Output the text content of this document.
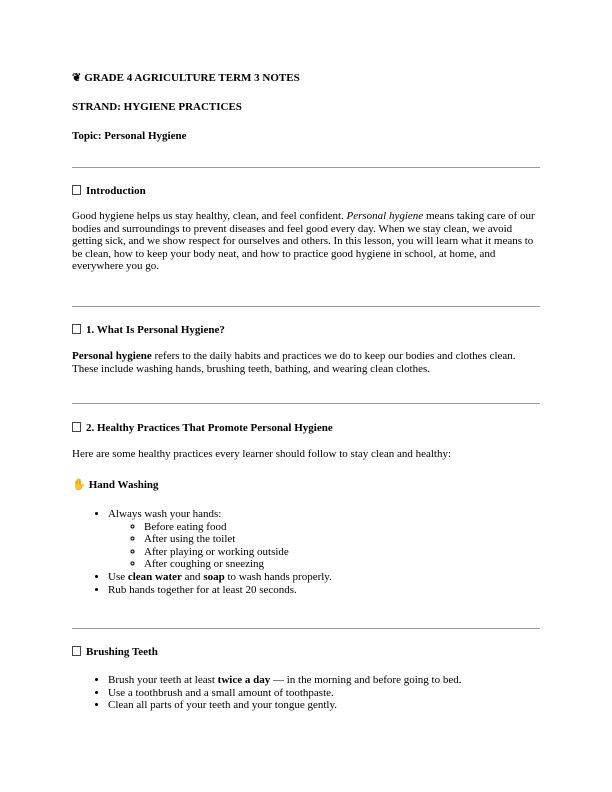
❦ GRADE 4 AGRICULTURE TERM 3 NOTES
STRAND: HYGIENE PRACTICES
Topic: Personal Hygiene
Introduction
Good hygiene helps us stay healthy, clean, and feel confident. Personal hygiene means taking care of our bodies and surroundings to prevent diseases and feel good every day. When we stay clean, we avoid getting sick, and we show respect for ourselves and others. In this lesson, you will learn what it means to be clean, how to keep your body neat, and how to practice good hygiene in school, at home, and everywhere you go.
1. What Is Personal Hygiene?
Personal hygiene refers to the daily habits and practices we do to keep our bodies and clothes clean. These include washing hands, brushing teeth, bathing, and wearing clean clothes.
2. Healthy Practices That Promote Personal Hygiene
Here are some healthy practices every learner should follow to stay clean and healthy:
✋ Hand Washing
• Always wash your hands:
◦ Before eating food
◦ After using the toilet
◦ After playing or working outside
◦ After coughing or sneezing
• Use clean water and soap to wash hands properly.
• Rub hands together for at least 20 seconds.
Brushing Teeth
• Brush your teeth at least twice a day — in the morning and before going to bed.
• Use a toothbrush and a small amount of toothpaste.
• Clean all parts of your teeth and your tongue gently.
